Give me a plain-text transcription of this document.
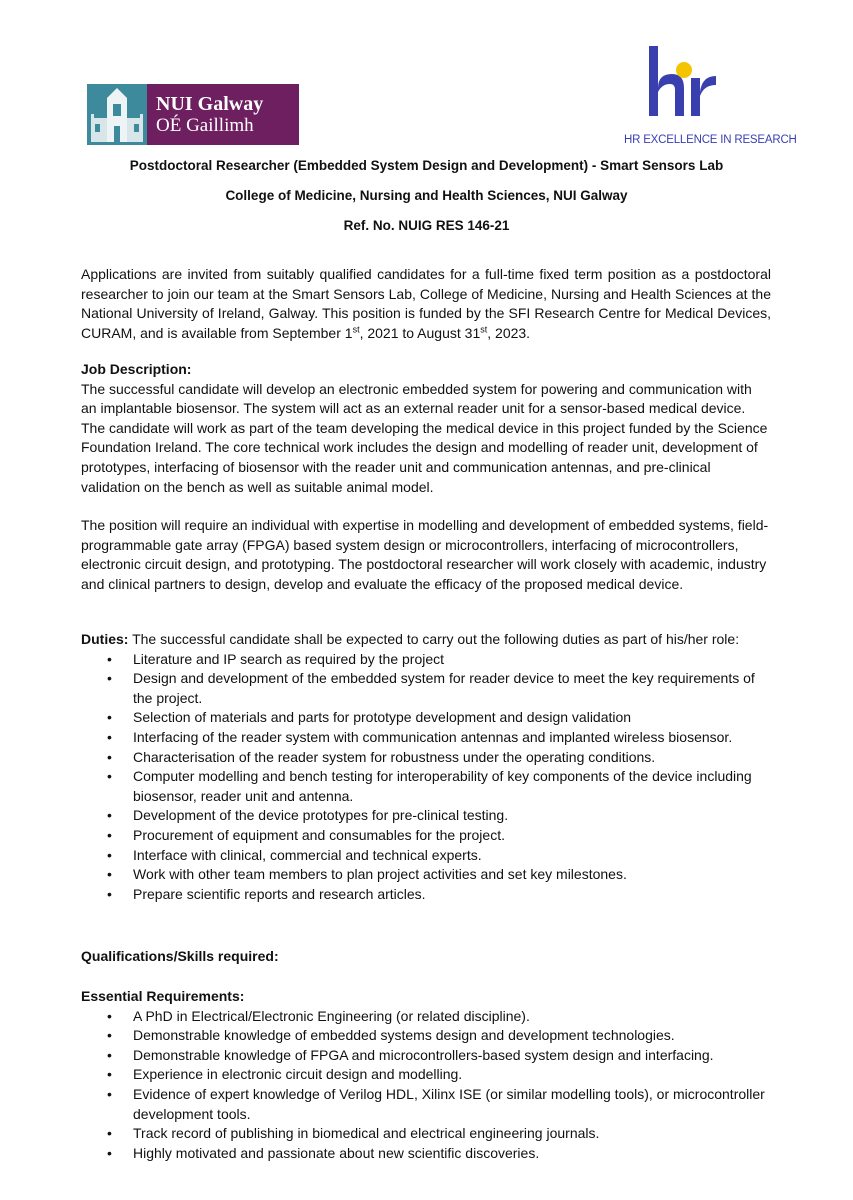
NUI Galway
OÉ Gaillimh
HR EXCELLENCE IN RESEARCH
Postdoctoral Researcher (Embedded System Design and Development) - Smart Sensors Lab
College of Medicine, Nursing and Health Sciences, NUI Galway
Ref. No. NUIG RES 146-21
Applications are invited from suitably qualified candidates for a full-time fixed term position as a postdoctoral researcher to join our team at the Smart Sensors Lab, College of Medicine, Nursing and Health Sciences at the National University of Ireland, Galway. This position is funded by the SFI Research Centre for Medical Devices, CURAM, and is available from September 1st, 2021 to August 31st, 2023.

Job Description:

The successful candidate will develop an electronic embedded system for powering and communication with an implantable biosensor. The system will act as an external reader unit for a sensor-based medical device. The candidate will work as part of the team developing the medical device in this project funded by the Science Foundation Ireland. The core technical work includes the design and modelling of reader unit, development of prototypes, interfacing of biosensor with the reader unit and communication antennas, and pre-clinical validation on the bench as well as suitable animal model.

The position will require an individual with expertise in modelling and development of embedded systems, field-programmable gate array (FPGA) based system design or microcontrollers, interfacing of microcontrollers, electronic circuit design, and prototyping. The postdoctoral researcher will work closely with academic, industry and clinical partners to design, develop and evaluate the efficacy of the proposed medical device.

Duties: The successful candidate shall be expected to carry out the following duties as part of his/her role:

• Literature and IP search as required by the project
• Design and development of the embedded system for reader device to meet the key requirements of the project.
• Selection of materials and parts for prototype development and design validation
• Interfacing of the reader system with communication antennas and implanted wireless biosensor.
• Characterisation of the reader system for robustness under the operating conditions.
• Computer modelling and bench testing for interoperability of key components of the device including biosensor, reader unit and antenna.
• Development of the device prototypes for pre-clinical testing.
• Procurement of equipment and consumables for the project.
• Interface with clinical, commercial and technical experts.
• Work with other team members to plan project activities and set key milestones.
• Prepare scientific reports and research articles.

Qualifications/Skills required:

Essential Requirements:

• A PhD in Electrical/Electronic Engineering (or related discipline).
• Demonstrable knowledge of embedded systems design and development technologies.
• Demonstrable knowledge of FPGA and microcontrollers-based system design and interfacing.
• Experience in electronic circuit design and modelling.
• Evidence of expert knowledge of Verilog HDL, Xilinx ISE (or similar modelling tools), or microcontroller development tools.
• Track record of publishing in biomedical and electrical engineering journals.
• Highly motivated and passionate about new scientific discoveries.
